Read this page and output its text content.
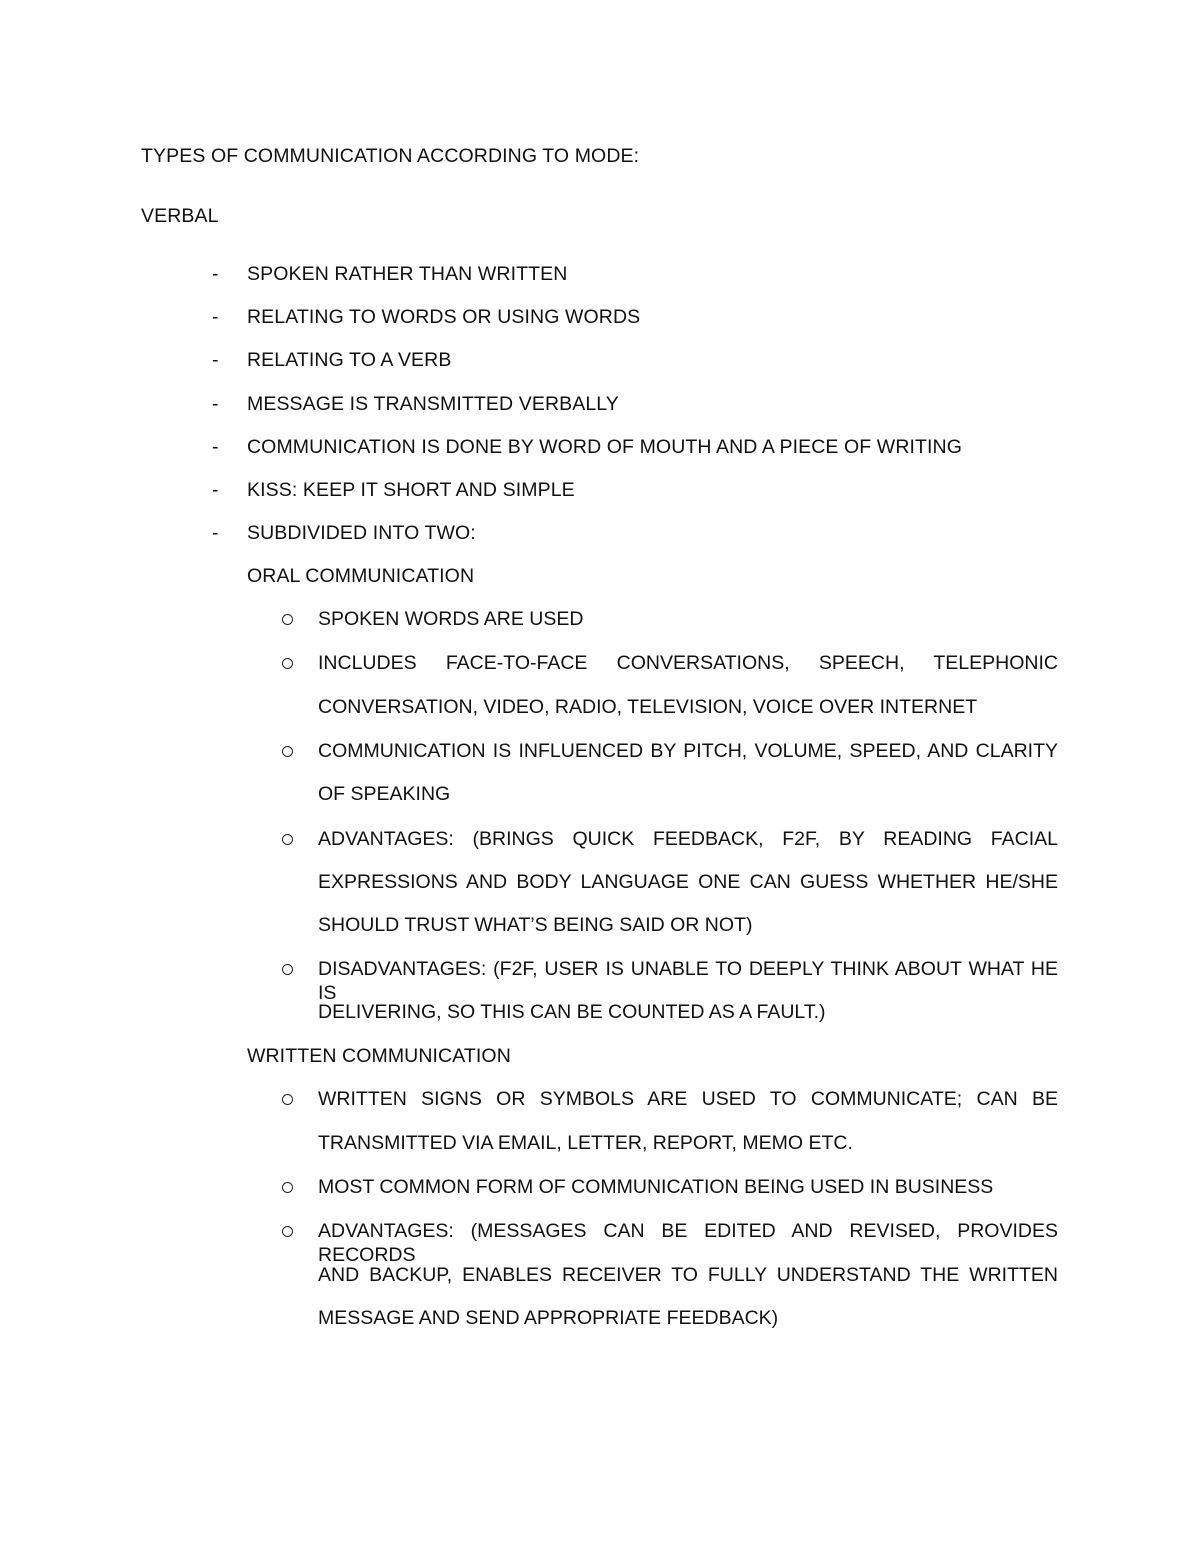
TYPES OF COMMUNICATION ACCORDING TO MODE:
VERBAL
- SPOKEN RATHER THAN WRITTEN
- RELATING TO WORDS OR USING WORDS
- RELATING TO A VERB
- MESSAGE IS TRANSMITTED VERBALLY
- COMMUNICATION IS DONE BY WORD OF MOUTH AND A PIECE OF WRITING
- KISS: KEEP IT SHORT AND SIMPLE
- SUBDIVIDED INTO TWO:
ORAL COMMUNICATION
SPOKEN WORDS ARE USED
INCLUDES FACE-TO-FACE CONVERSATIONS, SPEECH, TELEPHONIC
CONVERSATION, VIDEO, RADIO, TELEVISION, VOICE OVER INTERNET
COMMUNICATION IS INFLUENCED BY PITCH, VOLUME, SPEED, AND CLARITY
OF SPEAKING
ADVANTAGES: (BRINGS QUICK FEEDBACK, F2F, BY READING FACIAL
EXPRESSIONS AND BODY LANGUAGE ONE CAN GUESS WHETHER HE/SHE
SHOULD TRUST WHAT’S BEING SAID OR NOT)
DISADVANTAGES: (F2F, USER IS UNABLE TO DEEPLY THINK ABOUT WHAT HE IS
DELIVERING, SO THIS CAN BE COUNTED AS A FAULT.)
WRITTEN COMMUNICATION
WRITTEN SIGNS OR SYMBOLS ARE USED TO COMMUNICATE; CAN BE
TRANSMITTED VIA EMAIL, LETTER, REPORT, MEMO ETC.
MOST COMMON FORM OF COMMUNICATION BEING USED IN BUSINESS
ADVANTAGES: (MESSAGES CAN BE EDITED AND REVISED, PROVIDES RECORDS
AND BACKUP, ENABLES RECEIVER TO FULLY UNDERSTAND THE WRITTEN
MESSAGE AND SEND APPROPRIATE FEEDBACK)
